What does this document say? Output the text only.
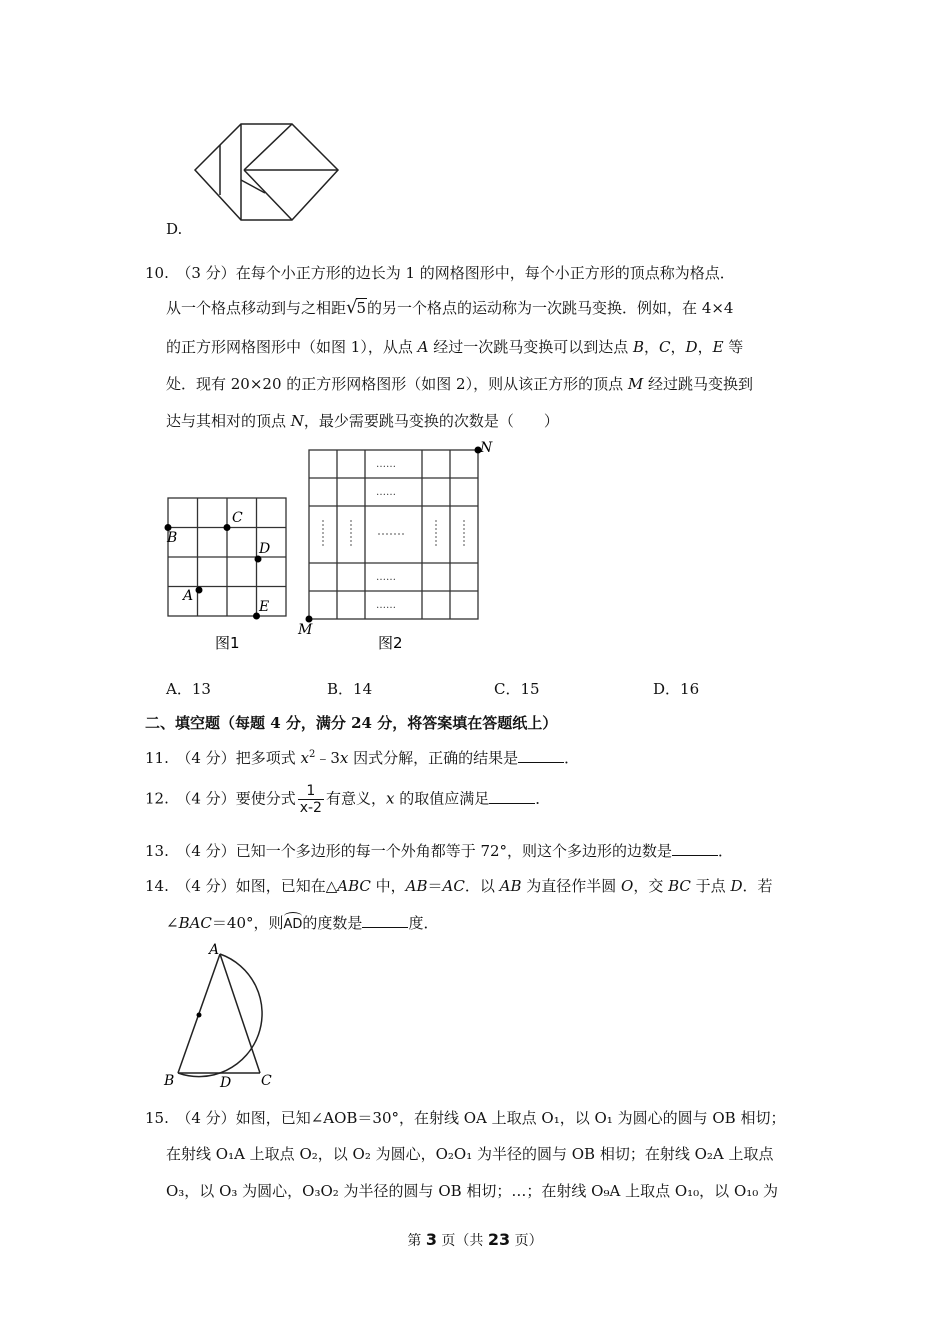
D.
10.　 （3 分）在每个小正方形的边长为 1 的网格图形中，每个小正方形的顶点称为格点．
从一个格点移动到与之相距√5的另一个格点的运动称为一次跳马变换．例如，在 4×4
的正方形网格图形中（如图 1），从点 A 经过一次跳马变换可以到达点 B，C，D，E 等
处．现有 20×20 的正方形网格图形（如图 2），则从该正方形的顶点 M 经过跳马变换到
达与其相对的顶点 N，最少需要跳马变换的次数是（　　）
B
C
D
A
E
图1
……
……
……
……
M
N
图2
A．13	B．14	C．15	D．16
二、填空题（每题 4 分，满分 24 分，将答案填在答题纸上）
11.　 （4 分）把多项式 $x^2﹣3x$ 因式分解，正确的结果是	．
12.　 （4 分）要使分式 $\frac{1}{x-2}$ 有意义，x 的取值应满足	．
13.　 （4 分）已知一个多边形的每一个外角都等于 72°，则这个多边形的边数是	．
14.　 （4 分）如图，已知在△ABC 中，AB＝AC．以 AB 为直径作半圆 O，交 BC 于点 D．若
∠BAC＝40°，则AD的度数是	度．
A
B	C
D
15.　 （4 分）如图，已知∠AOB＝30°，在射线 OA 上取点 O₁，以 O₁ 为圆心的圆与 OB 相切；
在射线 O₁A 上取点 O₂，以 O₂ 为圆心，O₂O₁ 为半径的圆与 OB 相切；在射线 O₂A 上取点
O₃，以 O₃ 为圆心，O₃O₂ 为半径的圆与 OB 相切；…；在射线 O₉A 上取点 O₁₀，以 O₁₀ 为
第 3 页（共 23 页）
